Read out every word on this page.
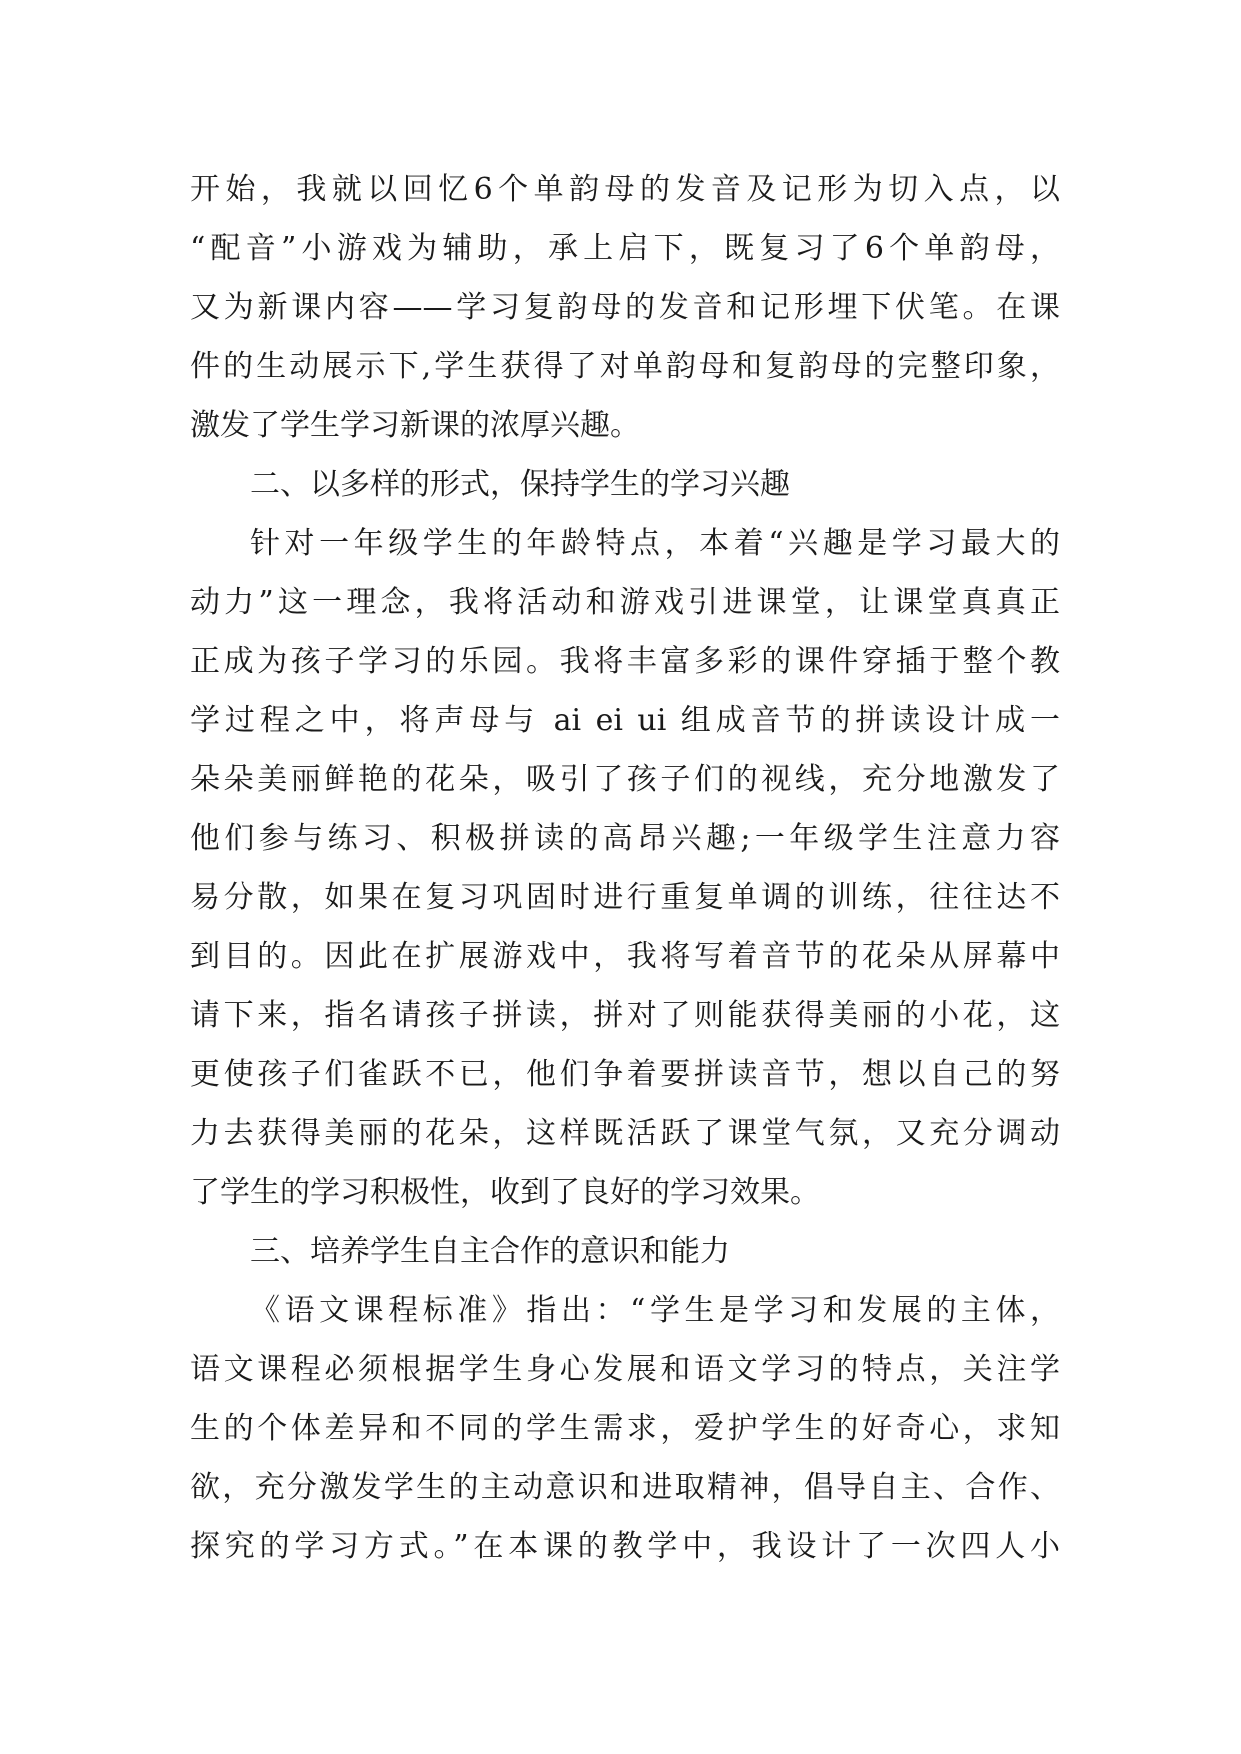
开始，我就以回忆6个单韵母的发音及记形为切入点，以
“配音”小游戏为辅助，承上启下，既复习了6个单韵母，
又为新课内容——学习复韵母的发音和记形埋下伏笔。在课
件的生动展示下,学生获得了对单韵母和复韵母的完整印象，
激发了学生学习新课的浓厚兴趣。
二、以多样的形式，保持学生的学习兴趣
针对一年级学生的年龄特点，本着“兴趣是学习最大的
动力”这一理念，我将活动和游戏引进课堂，让课堂真真正
正成为孩子学习的乐园。我将丰富多彩的课件穿插于整个教
学过程之中，将声母与 ai ei ui 组成音节的拼读设计成一
朵朵美丽鲜艳的花朵，吸引了孩子们的视线，充分地激发了
他们参与练习、积极拼读的高昂兴趣;一年级学生注意力容
易分散，如果在复习巩固时进行重复单调的训练，往往达不
到目的。因此在扩展游戏中，我将写着音节的花朵从屏幕中
请下来，指名请孩子拼读，拼对了则能获得美丽的小花，这
更使孩子们雀跃不已，他们争着要拼读音节，想以自己的努
力去获得美丽的花朵，这样既活跃了课堂气氛，又充分调动
了学生的学习积极性，收到了良好的学习效果。
三、培养学生自主合作的意识和能力
《语文课程标准》指出：“学生是学习和发展的主体，
语文课程必须根据学生身心发展和语文学习的特点，关注学
生的个体差异和不同的学生需求，爱护学生的好奇心，求知
欲，充分激发学生的主动意识和进取精神，倡导自主、合作、
探究的学习方式。”在本课的教学中，我设计了一次四人小
